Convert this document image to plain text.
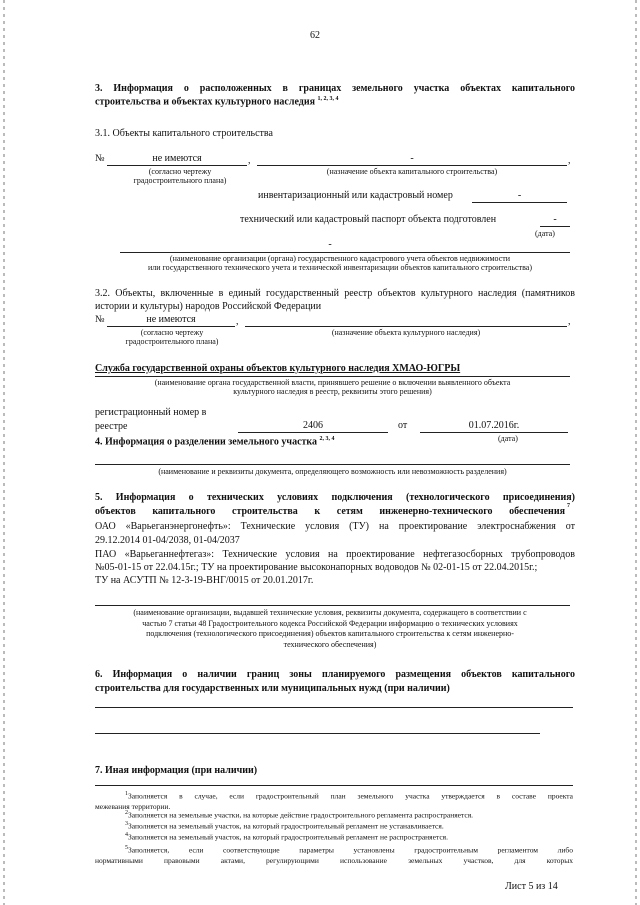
62
3. Информация о расположенных в границах земельного участка объектах капитального
строительства и объектах культурного наследия $^{1, 2, 3, 4}$
3.1. Объекты капитального строительства
№	не имеются	,	-	,
(согласно чертежу
градостроительного плана)
(назначение объекта капитального строительства)
инвентаризационный или кадастровый номер	-
технический или кадастровый паспорт объекта подготовлен	-
(дата)
-
(наименование организации (органа) государственного кадастрового учета объектов недвижимости
или государственного технического учета и технической инвентаризации объектов капитального строительства)
3.2. Объекты, включенные в единый государственный реестр объектов культурного наследия (памятников
истории и культуры) народов Российской Федерации
№	не имеются	,	,
(согласно чертежу
градостроительного плана)
(назначение объекта культурного наследия)
Служба государственной охраны объектов культурного наследия ХМАО-ЮГРЫ
(наименование органа государственной власти, принявшего решение о включении выявленного объекта
культурного наследия в реестр, реквизиты этого решения)
регистрационный номер в
реестре	2406	от	01.07.2016г.
(дата)
4. Информация о разделении земельного участка $^{2, 3, 4}$
(наименование и реквизиты документа, определяющего возможность или невозможность разделения)
5. Информация о технических условиях подключения (технологического присоединения)
объектов капитального строительства к сетям инженерно-технического обеспечения 7
ОАО «Варьеганэнергонефть»: Технические условия (ТУ) на проектирование электроснабжения от
29.12.2014 01-04/2038, 01-04/2037
ПАО «Варьеганнефтегаз»: Технические условия на проектирование нефтегазосборных трубопроводов
№05-01-15 от 22.04.15г.; ТУ на проектирование высоконапорных водоводов № 02-01-15 от 22.04.2015г.;
ТУ на АСУТП № 12-3-19-ВНГ/0015 от 20.01.2017г.
(наименование организации, выдавшей технические условия, реквизиты документа, содержащего в соответствии с
частью 7 статьи 48 Градостроительного кодекса Российской Федерации информацию о технических условиях
подключения (технологического присоединения) объектов капитального строительства к сетям инженерно-
технического обеспечения)
6. Информация о наличии границ зоны планируемого размещения объектов капитального
строительства для государственных или муниципальных нужд (при наличии)
7. Иная информация (при наличии)
$^1$Заполняется в случае, если градостроительный план земельного участка утверждается в составе проекта
межевания территории.
$^2$Заполняется на земельные участки, на которые действие градостроительного регламента распространяется.
$^3$Заполняется на земельный участок, на который градостроительный регламент не устанавливается.
$^4$Заполняется на земельный участок, на который градостроительный регламент не распространяется.
$^5$Заполняется, если соответствующие параметры установлены градостроительным регламентом либо
нормативными правовыми актами, регулирующими использование земельных участков, для которых
Лист 5 из 14
